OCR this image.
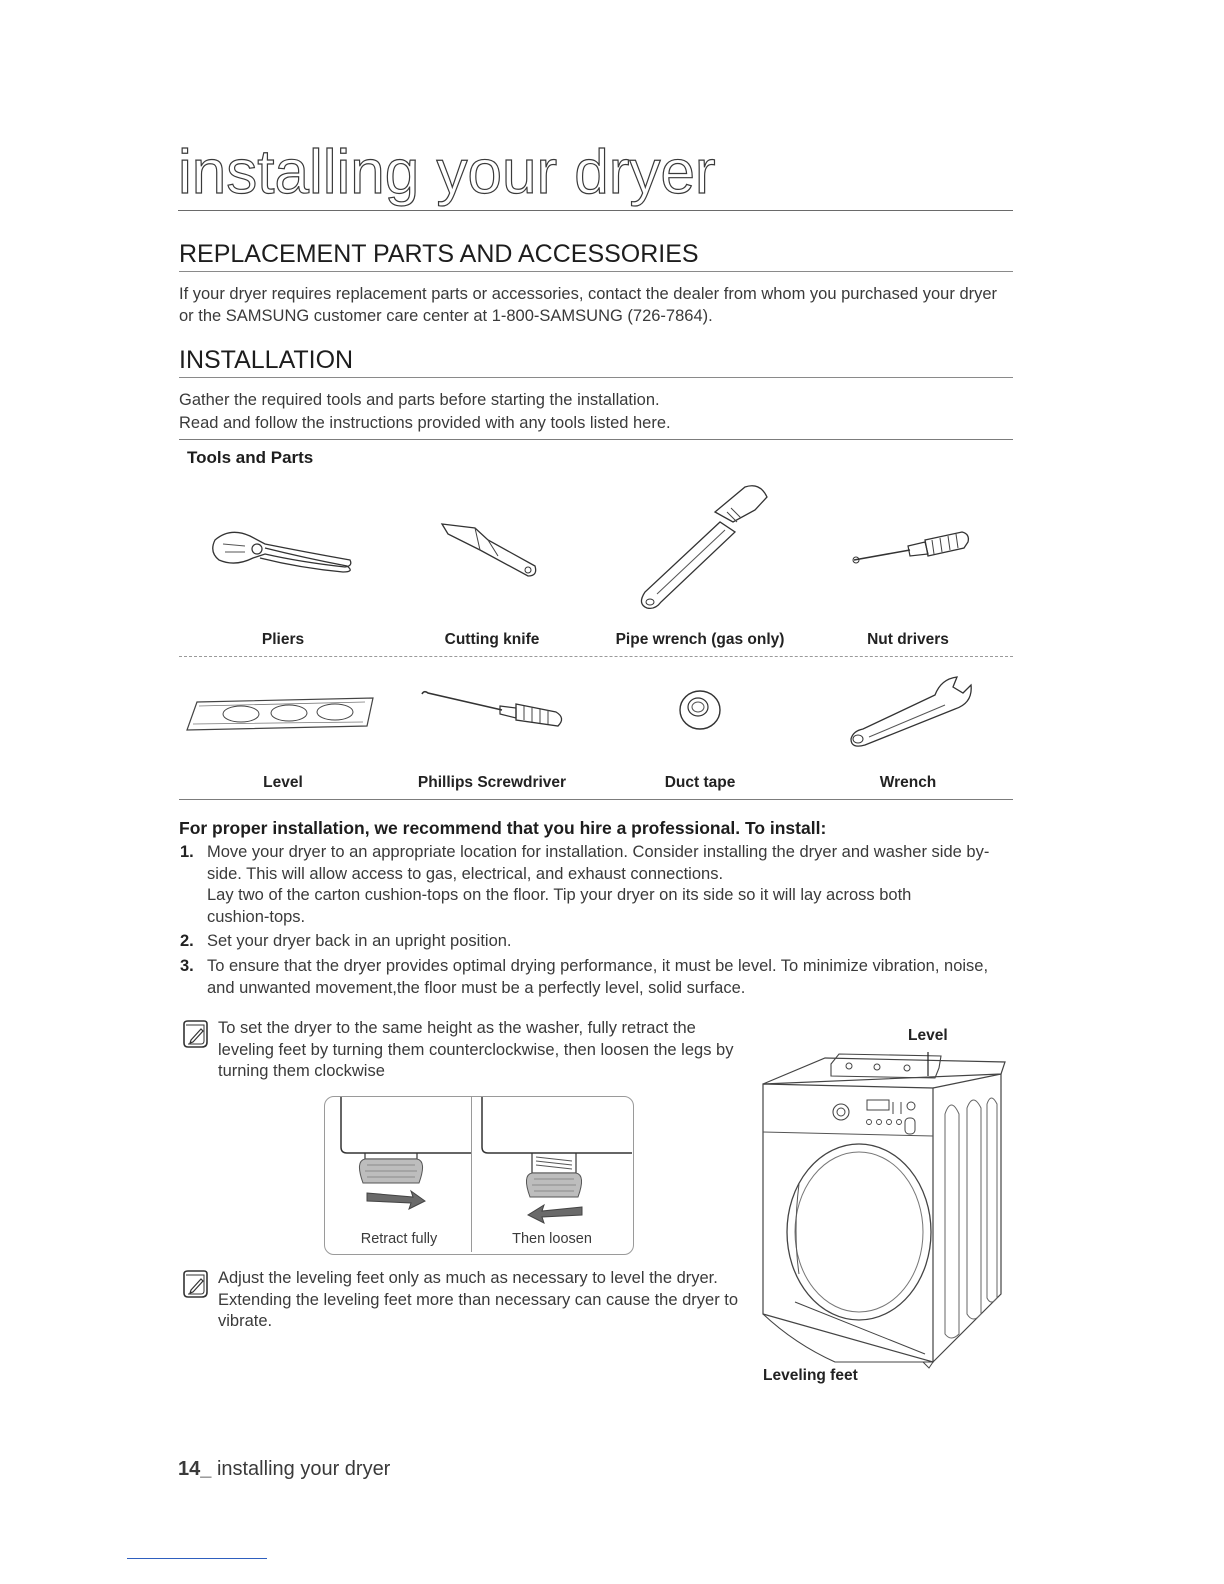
installing your dryer
REPLACEMENT PARTS AND ACCESSORIES
If your dryer requires replacement parts or accessories, contact the dealer from whom you purchased your dryer or the SAMSUNG customer care center at 1-800-SAMSUNG (726-7864).
INSTALLATION
Gather the required tools and parts before starting the installation.
Read and follow the instructions provided with any tools listed here.
Tools and Parts
Pliers	Cutting knife	Pipe wrench (gas only)	Nut drivers
Level	Phillips Screwdriver	Duct tape	Wrench
For proper installation, we recommend that you hire a professional. To install:
1. Move your dryer to an appropriate location for installation. Consider installing the dryer and washer side by-side. This will allow access to gas, electrical, and exhaust connections.
Lay two of the carton cushion-tops on the floor. Tip your dryer on its side so it will lay across both cushion-tops.
2. Set your dryer back in an upright position.
3. To ensure that the dryer provides optimal drying performance, it must be level. To minimize vibration, noise, and unwanted movement,the floor must be a perfectly level, solid surface.
To set the dryer to the same height as the washer, fully retract the leveling feet by turning them counterclockwise, then loosen the legs by turning them clockwise
Retract fully	Then loosen
Adjust the leveling feet only as much as necessary to level the dryer. Extending the leveling feet more than necessary can cause the dryer to vibrate.
Level
Leveling feet
14_ installing your dryer
